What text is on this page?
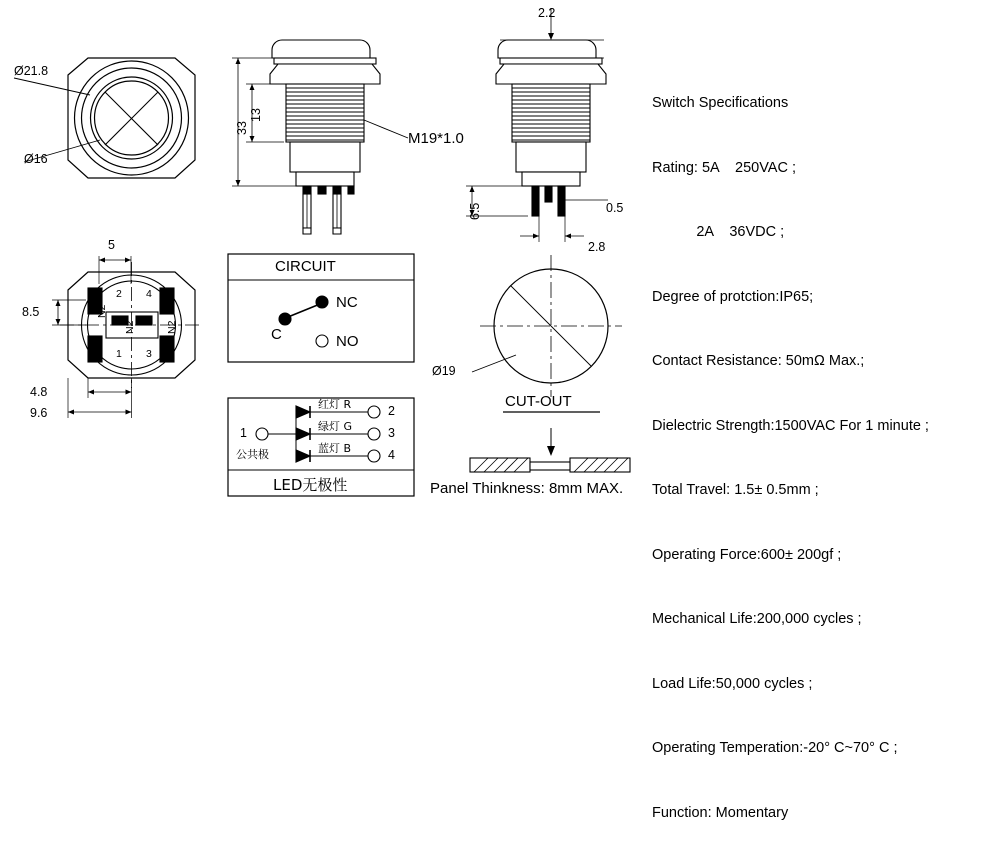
Ø21.8
Ø16
13
33
M19*1.0
2.2
6.5	0.5
2.8
5
8.5
4.8
9.6
2 4
1 3
N2
N2	N2
CIRCUIT
NC
NO
C
红灯 R
绿灯 G
蓝灯 B
2
3
4
1
公共极
LED无极性
Ø19
CUT-OUT
Panel Thinkness: 8mm MAX.

Switch Specifications

Rating: 5A    250VAC ;

2A    36VDC ;

Degree of protction:IP65;

Contact Resistance: 50mΩ Max.;

Dielectric Strength:1500VAC For 1 minute ;

Total Travel: 1.5± 0.5mm ;

Operating Force:600± 200gf ;

Mechanical Life:200,000 cycles ;

Load Life:50,000 cycles ;

Operating Temperation:-20° C~70° C ;

Function: Momentary
